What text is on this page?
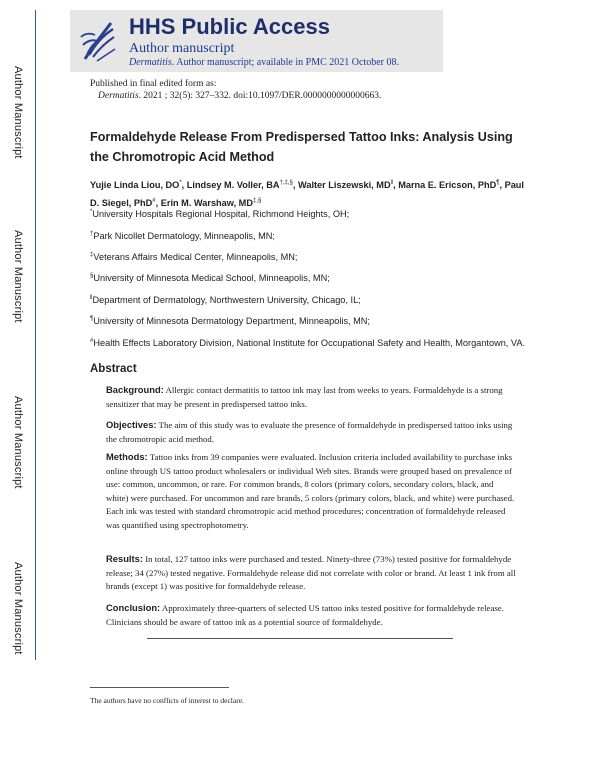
Author Manuscript
Author Manuscript
Author Manuscript
Author Manuscript
HHS Public Access
Author manuscript
Dermatitis. Author manuscript; available in PMC 2021 October 08.
Published in final edited form as:
Dermatitis. 2021 ; 32(5): 327–332. doi:10.1097/DER.0000000000000663.
Formaldehyde Release From Predispersed Tattoo Inks: Analysis Using the Chromotropic Acid Method
Yujie Linda Liou, DO*, Lindsey M. Voller, BA†,‡,§, Walter Liszewski, MD‖, Marna E. Ericson, PhD¶, Paul D. Siegel, PhD#, Erin M. Warshaw, MD‡,§
*University Hospitals Regional Hospital, Richmond Heights, OH;
†Park Nicollet Dermatology, Minneapolis, MN;
‡Veterans Affairs Medical Center, Minneapolis, MN;
§University of Minnesota Medical School, Minneapolis, MN;
‖Department of Dermatology, Northwestern University, Chicago, IL;
¶University of Minnesota Dermatology Department, Minneapolis, MN;
#Health Effects Laboratory Division, National Institute for Occupational Safety and Health, Morgantown, VA.
Abstract
Background: Allergic contact dermatitis to tattoo ink may last from weeks to years. Formaldehyde is a strong sensitizer that may be present in predispersed tattoo inks.
Objectives: The aim of this study was to evaluate the presence of formaldehyde in predispersed tattoo inks using the chromotropic acid method.
Methods: Tattoo inks from 39 companies were evaluated. Inclusion criteria included availability to purchase inks online through US tattoo product wholesalers or individual Web sites. Brands were grouped based on prevalence of use: common, uncommon, or rare. For common brands, 8 colors (primary colors, secondary colors, black, and white) were purchased. For uncommon and rare brands, 5 colors (primary colors, black, and white) were purchased. Each ink was tested with standard chromotropic acid method procedures; concentration of formaldehyde released was quantified using spectrophotometry.
Results: In total, 127 tattoo inks were purchased and tested. Ninety-three (73%) tested positive for formaldehyde release; 34 (27%) tested negative. Formaldehyde release did not correlate with color or brand. At least 1 ink from all brands (except 1) was positive for formaldehyde release.
Conclusion: Approximately three-quarters of selected US tattoo inks tested positive for formaldehyde release. Clinicians should be aware of tattoo ink as a potential source of formaldehyde.
The authors have no conflicts of interest to declare.
